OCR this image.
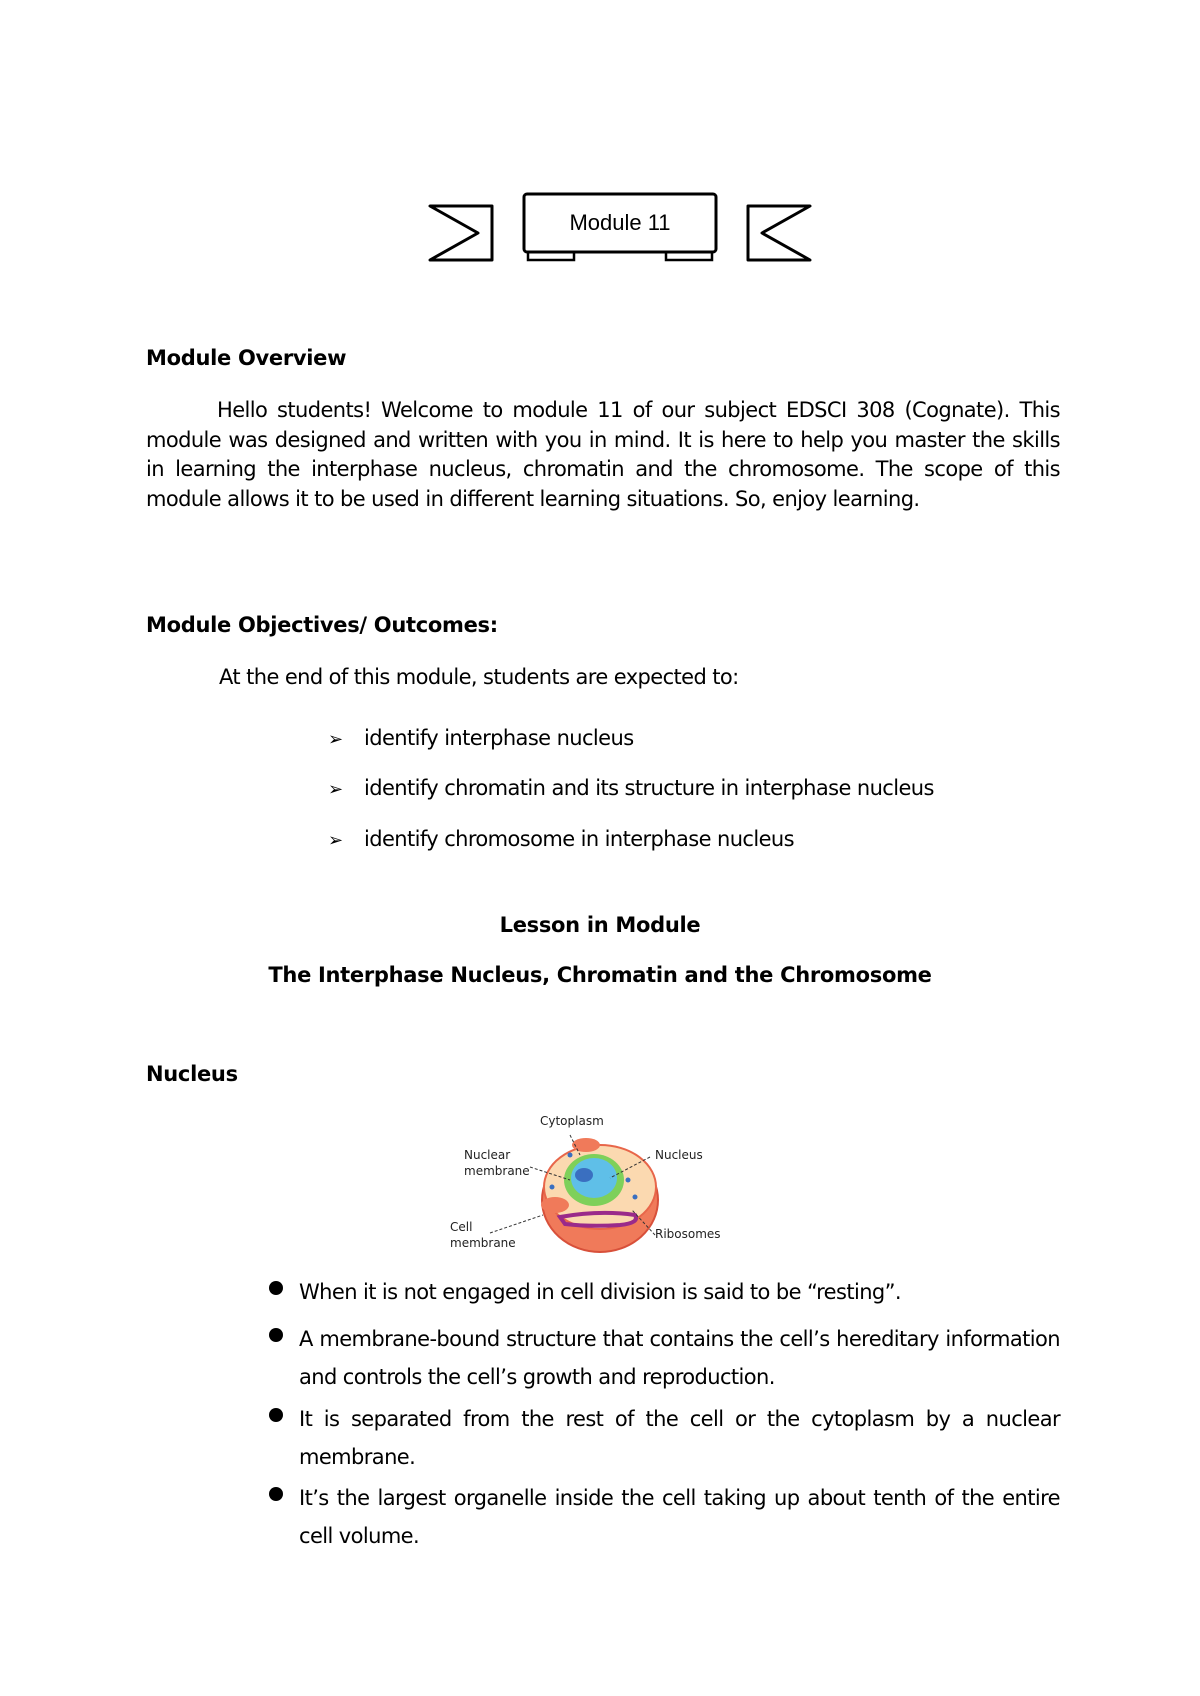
Module 11
Module Overview
Hello students! Welcome to module 11 of our subject EDSCI 308 (Cognate). This module was designed and written with you in mind. It is here to help you master the skills in learning the interphase nucleus, chromatin and the chromosome. The scope of this module allows it to be used in different learning situations. So, enjoy learning.
Module Objectives/ Outcomes:
At the end of this module, students are expected to:
➢ identify interphase nucleus
➢ identify chromatin and its structure in interphase nucleus
➢ identify chromosome in interphase nucleus
Lesson in Module
The Interphase Nucleus, Chromatin and the Chromosome
Nucleus
Cytoplasm
Nuclear
membrane
Nucleus
Cell
membrane
Ribosomes
When it is not engaged in cell division is said to be “resting”.
A membrane-bound structure that contains the cell’s hereditary information and controls the cell’s growth and reproduction.
It is separated from the rest of the cell or the cytoplasm by a nuclear membrane.
It’s the largest organelle inside the cell taking up about tenth of the entire cell volume.
